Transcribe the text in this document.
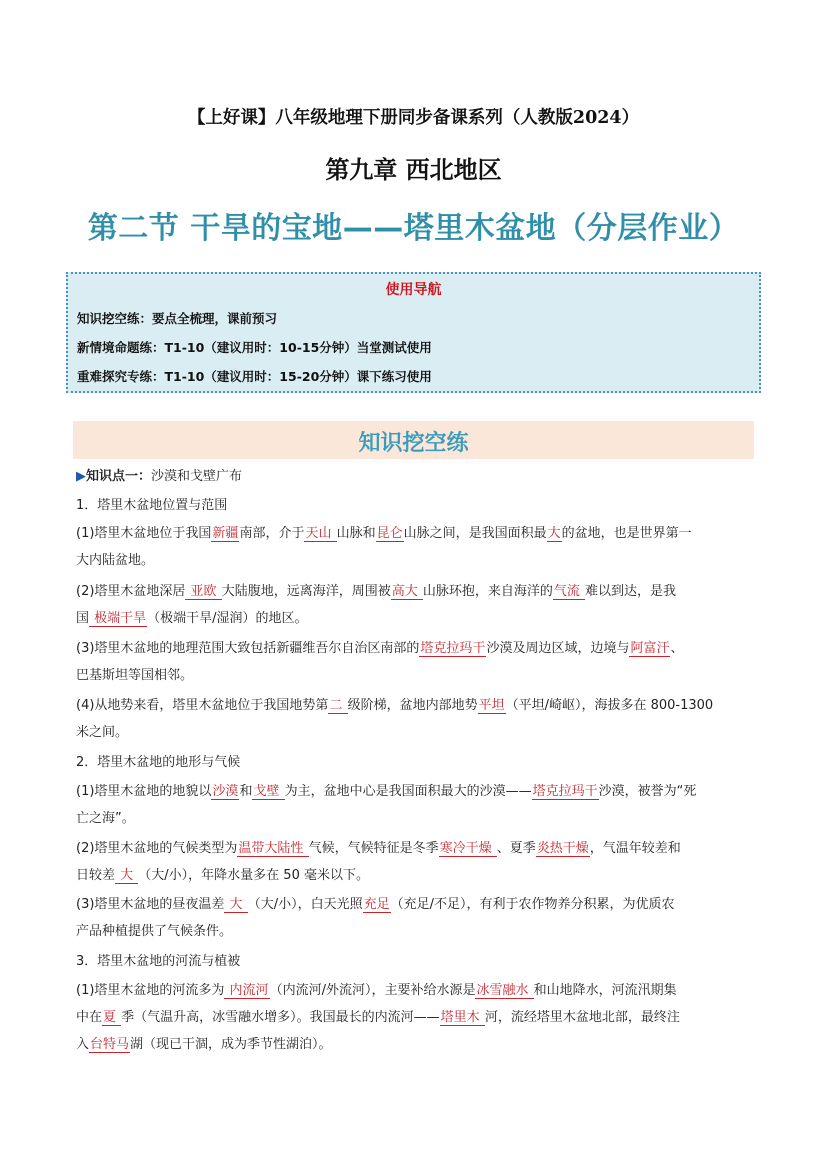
【上好课】八年级地理下册同步备课系列（人教版2024）
第九章 西北地区
第二节 干旱的宝地——塔里木盆地（分层作业）
使用导航
知识挖空练：要点全梳理，课前预习
新情境命题练：T1-10（建议用时：10-15分钟）当堂测试使用
重难探究专练：T1-10（建议用时：15-20分钟）课下练习使用
知识挖空练
▶知识点一：沙漠和戈壁广布
1．塔里木盆地位置与范围
(1)塔里木盆地位于我国新疆南部，介于天山 山脉和昆仑山脉之间，是我国面积最大的盆地，也是世界第一
大内陆盆地。
(2)塔里木盆地深居 亚欧 大陆腹地，远离海洋，周围被高大 山脉环抱，来自海洋的气流 难以到达，是我
国 极端干旱（极端干旱/湿润）的地区。
(3)塔里木盆地的地理范围大致包括新疆维吾尔自治区南部的塔克拉玛干沙漠及周边区域，边境与阿富汗、
巴基斯坦等国相邻。
(4)从地势来看，塔里木盆地位于我国地势第二 级阶梯，盆地内部地势平坦（平坦/崎岖），海拔多在 800-1300
米之间。
2．塔里木盆地的地形与气候
(1)塔里木盆地的地貌以沙漠和戈壁 为主，盆地中心是我国面积最大的沙漠——塔克拉玛干沙漠，被誉为“死
亡之海”。
(2)塔里木盆地的气候类型为温带大陆性 气候，气候特征是冬季寒冷干燥 、夏季炎热干燥，气温年较差和
日较差 大 （大/小），年降水量多在 50 毫米以下。
(3)塔里木盆地的昼夜温差 大 （大/小），白天光照充足（充足/不足），有利于农作物养分积累，为优质农
产品种植提供了气候条件。
3．塔里木盆地的河流与植被
(1)塔里木盆地的河流多为 内流河（内流河/外流河），主要补给水源是冰雪融水 和山地降水，河流汛期集
中在夏 季（气温升高，冰雪融水增多）。我国最长的内流河——塔里木 河，流经塔里木盆地北部，最终注
入台特马湖（现已干涸，成为季节性湖泊）。
